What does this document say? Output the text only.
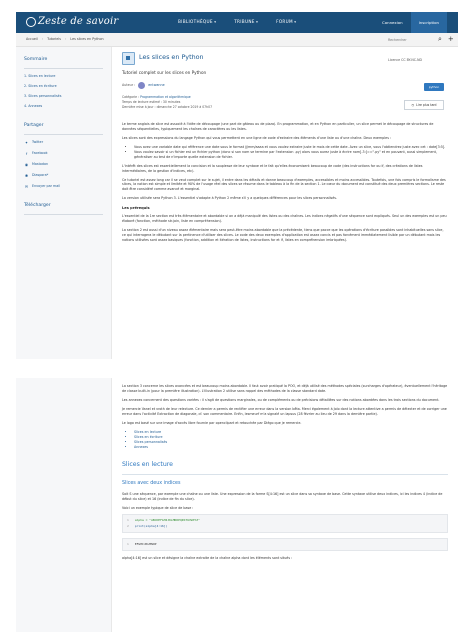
Zeste de savoir	BIBLIOTHÈQUE ▾	TRIBUNE ▾	FORUM ▾	Connexion	Inscription
Accueil › Tutoriels › Les slices en Python
Rechercher	⌕ +
Sommaire
1. Slices en lecture
2. Slices en écriture
3. Slices personnalisés
4. Annexes
Partager
✦ Twitter
f	Facebook
◉ Mastodon
✱ Diaspora*
✉ Envoyer par mail
Télécharger
Les slices en Python	Licence CC BY-NC-ND
Tutoriel complet sur les slices en Python
Auteur :	entwanne	python
Catégorie : Programmation et algorithmique
Temps de lecture estimé : 30 minutes
Dernière mise à jour : dimanche 27 octobre 2019 à 07h07
◷ Lire plus tard

Le terme anglais de slice est associé à l'idée de découpage (une part de gâteau ou de pizza). En programmation, et en Python en particulier, un slice permet le découpage de structures de données séquentielles, typiquement les chaînes de caractères ou les listes.

Les slices sont des expressions du langage Python qui vous permettent en une ligne de code d'extraire des éléments d'une liste ou d'une chaîne. Deux exemples :

• Vous avez une variable date qui référence une date sous le format jj/mm/aaaa et vous voulez extraire juste le mois de cette date. Avec un slice, vous l'obtiendrez juste avec cet : date[3:5].
• Vous voulez savoir si un fichier est un fichier python (donc si son nom se termine par l'extension .py) alors vous aurez juste à écrire nom[-3:]==".py" et en pouvant, aussi simplement, généraliser au test de n'importe quelle extension de fichier.

L'intérêt des slices est essentiellement la concision et la souplesse de leur syntaxe et le fait qu'elles économisent beaucoup de code (des instructions for ou if, des créations de listes intermédiaires, de la gestion d'indices, etc).

Ce tutoriel est assez long car il se veut complet sur le sujet, il entre dans les détails et donne beaucoup d'exemples, accessibles et moins accessibles. Toutefois, une fois compris le formalisme des slices, la notion est simple et limitée et 90% de l'usage réel des slices se résume dans le tableau à la fin de la section 1. Le cœur du document est constitué des deux premières sections. Le reste doit être considéré comme avancé et marginal.

La version utilisée sera Python 3. L'essentiel s'adapte à Python 2 même s'il y a quelques différences pour les slices personnalisés.

Les prérequis

L'essentiel de la 1re section est très élémentaire et abordable si on a déjà manipulé des listes ou des chaînes. Les indices négatifs d'une séquence sont expliqués. Seul un des exemples est un peu élaboré (fonction, méthode str.join, liste en compréhension).

La section 2 est aussi d'un niveau assez élémentaire mais sera peut-être moins abordable que la précédente, tiens que pacce que les opérations d'écriture possibles sont inhabituelles sans slice, ce qui interrogera le débutant sur la pertinence d'utiliser des slices. Le code des deux exemples d'application est assez concis et pas forcément immédiatement lisible par un débutant mais les notions utilisées sont assez basiques (fonction, addition et itération de listes, instructions for et if, listes en compréhension imbriquées).

La section 3 concerne les slices avancées et est beaucoup moins abordable. Il faut avoir pratiqué la POO, et déjà utilisé des méthodes spéciales (surcharges d'opérateur), éventuellement l'héritage de classe built-in (pour la première illustration). L'illustration 2 utilise sans rappel des méthodes de la classe standard date.

Les annexes concernent des questions variées : il s'agit de questions marginales, ou de compléments ou de précisions détaillées sur des notions abordées dans les trois sections du document.

Je remercie Vanel et vroth de leur relecture. Ce dernier a permis de rectifier une erreur dans la version bêta. Merci également à Jolo dont la lecture attentive a permis de détecter et de corriger une erreur dans l'activité Extraction de diagonale, cf. son commentaire. Enfin, lesmeurf m'a signalé un lapsus (28 février au lieu de 29 dans la dernière partie).

Le logo est basé sur une image d'accès libre fournie par openclipart et retouchée par Diégo que je remercie.

• Slices en lecture
• Slices en écriture
• Slices personnalisés
• Annexes
Slices en lecture
Slices avec deux indices

Soit S une séquence, par exemple une chaîne ou une liste. Une expression de la forme S[4:16] est un slice dans sa syntaxe de base. Cette syntaxe utilise deux indices, ici les indices 4 (indice de début du slice) et 16 (indice de fin du slice).

Voici un exemple typique de slice de base :

1 alpha = "ABCDEFGHIJKLMNOPQRSTUVWXYZ"
2 print(alpha[4:16])
1 EFGHIJKLMNOP

alpha[4:16] est un slice et désigne la chaîne extraite de la chaîne alpha dont les éléments sont situés :
